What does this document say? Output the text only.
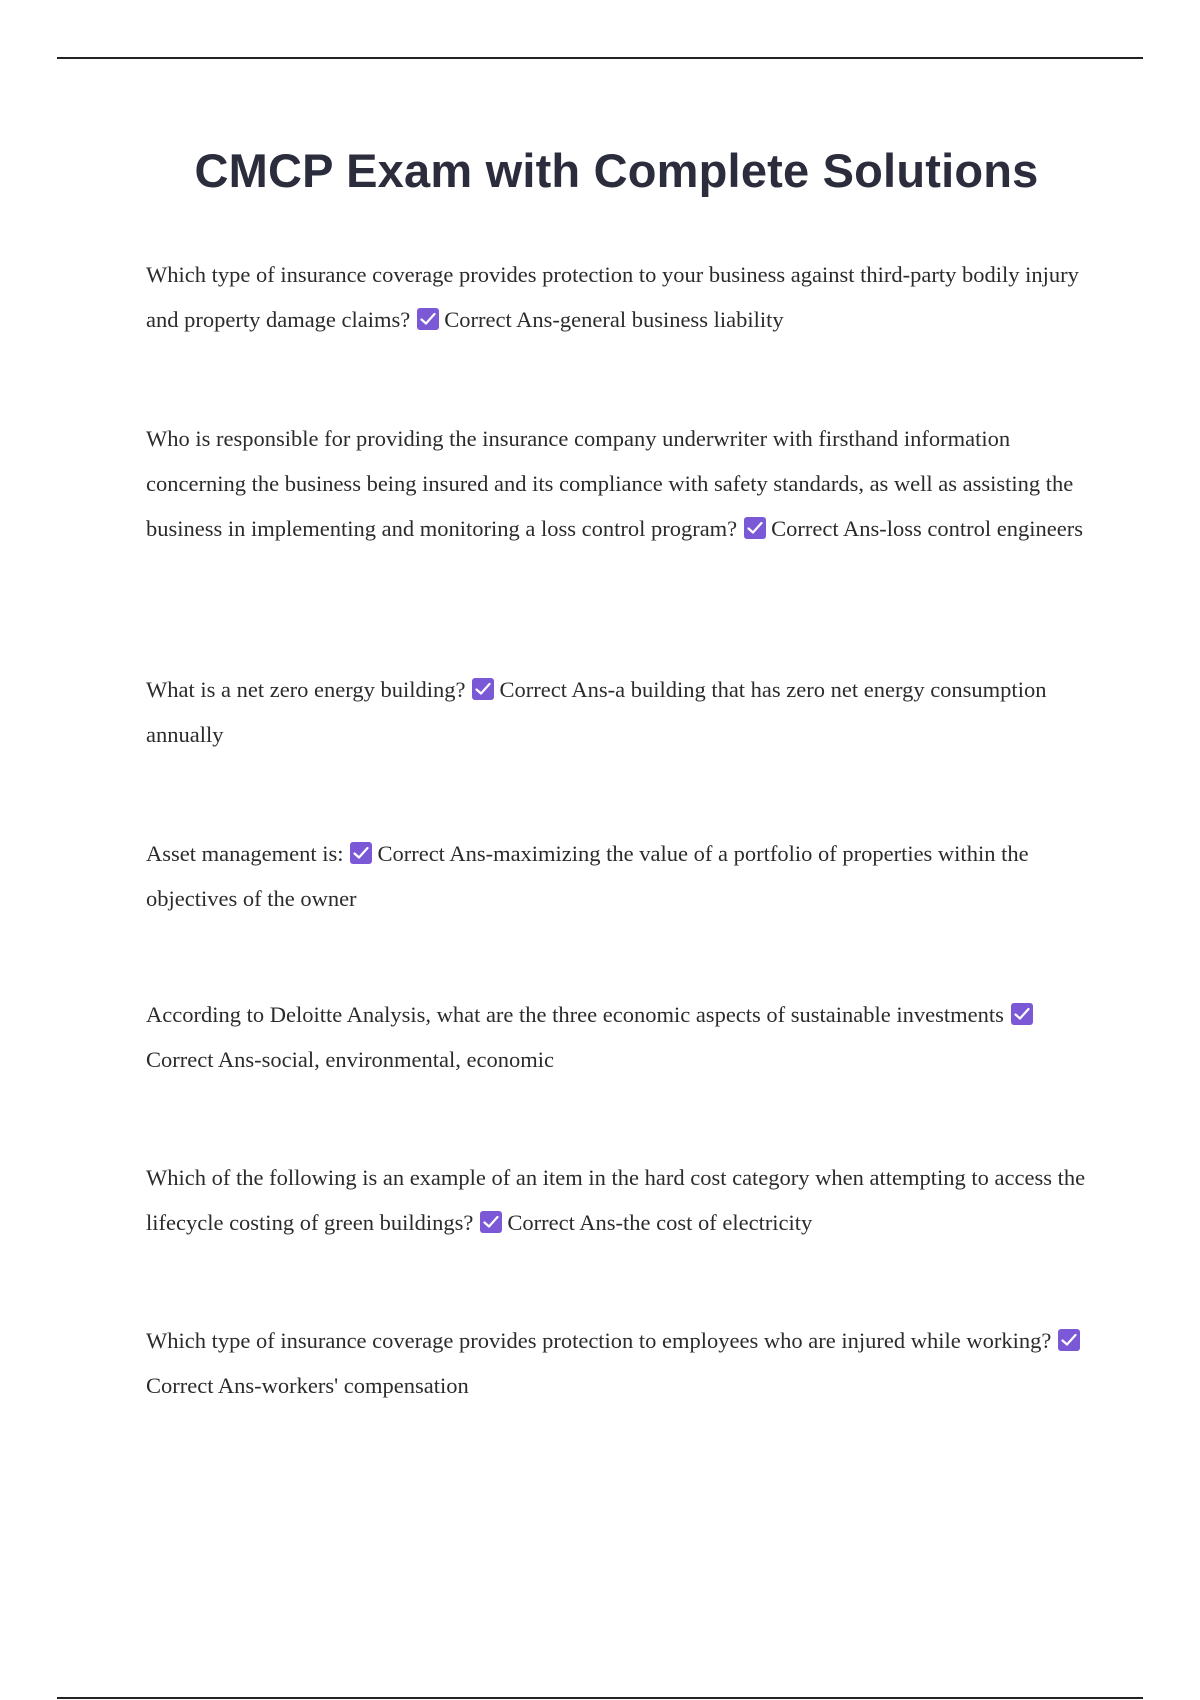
CMCP Exam with Complete Solutions

Which type of insurance coverage provides protection to your business against third-party bodily injury and property damage claims? Correct Ans-general business liability

Who is responsible for providing the insurance company underwriter with firsthand information concerning the business being insured and its compliance with safety standards, as well as assisting the business in implementing and monitoring a loss control program? Correct Ans-loss control engineers

What is a net zero energy building? Correct Ans-a building that has zero net energy consumption annually

Asset management is: Correct Ans-maximizing the value of a portfolio of properties within the objectives of the owner

According to Deloitte Analysis, what are the three economic aspects of sustainable investments
Correct Ans-social, environmental, economic

Which of the following is an example of an item in the hard cost category when attempting to access the lifecycle costing of green buildings? Correct Ans-the cost of electricity

Which type of insurance coverage provides protection to employees who are injured while working?
Correct Ans-workers' compensation
